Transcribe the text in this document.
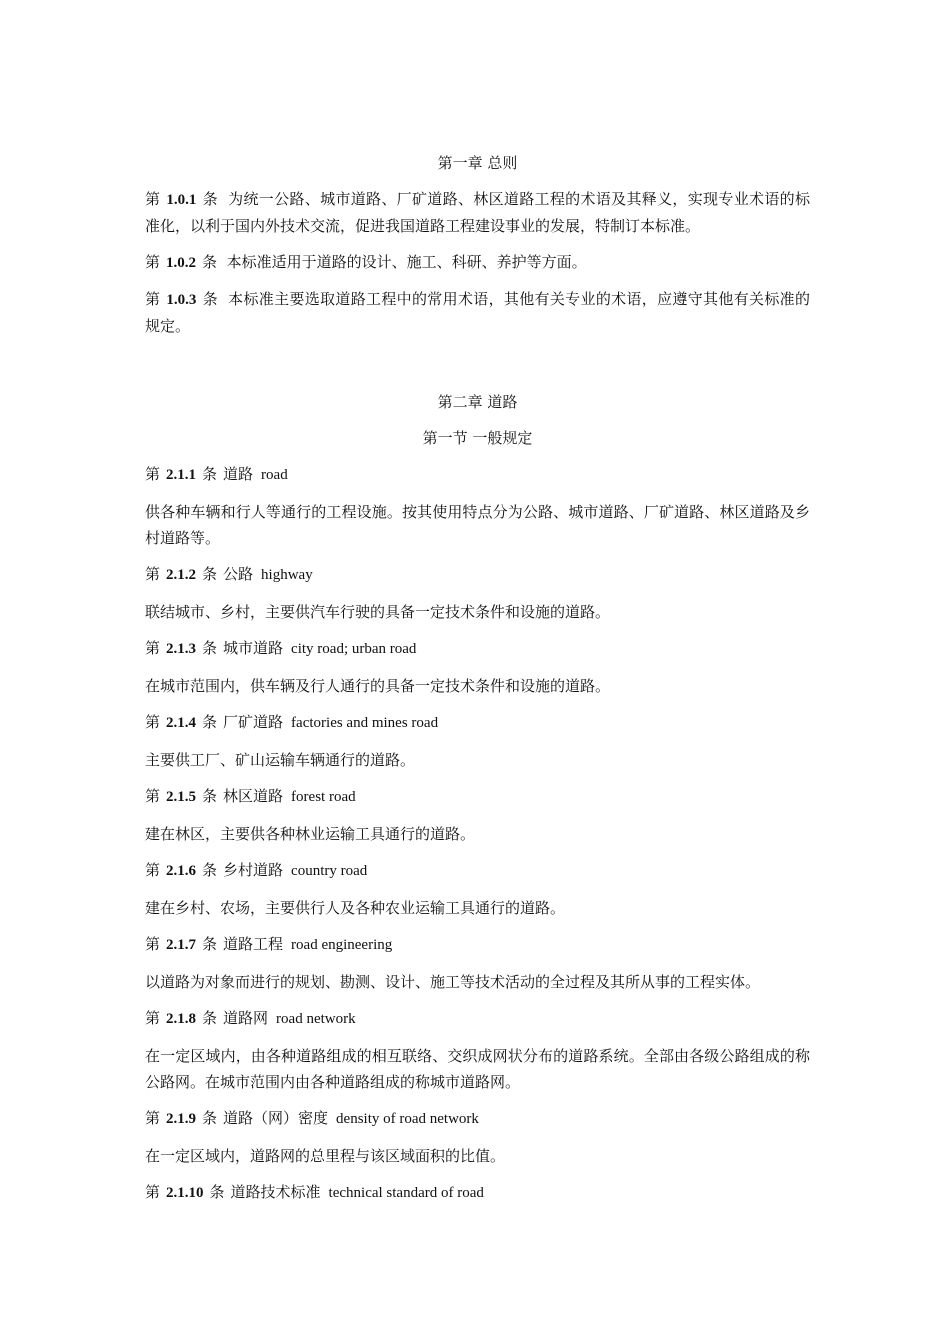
第一章 总则

第 1.0.1 条 为统一公路、城市道路、厂矿道路、林区道路工程的术语及其释义，实现专业术语的标准化，以利于国内外技术交流，促进我国道路工程建设事业的发展，特制订本标准。

第 1.0.2 条 本标准适用于道路的设计、施工、科研、养护等方面。

第 1.0.3 条 本标准主要选取道路工程中的常用术语，其他有关专业的术语，应遵守其他有关标准的规定。

第二章 道路
第一节 一般规定
第 2.1.1 条 道路 road

供各种车辆和行人等通行的工程设施。按其使用特点分为公路、城市道路、厂矿道路、林区道路及乡村道路等。

第 2.1.2 条 公路 highway

联结城市、乡村，主要供汽车行驶的具备一定技术条件和设施的道路。

第 2.1.3 条 城市道路 city road; urban road

在城市范围内，供车辆及行人通行的具备一定技术条件和设施的道路。

第 2.1.4 条 厂矿道路 factories and mines road

主要供工厂、矿山运输车辆通行的道路。

第 2.1.5 条 林区道路 forest road

建在林区，主要供各种林业运输工具通行的道路。

第 2.1.6 条 乡村道路 country road

建在乡村、农场，主要供行人及各种农业运输工具通行的道路。

第 2.1.7 条 道路工程 road engineering

以道路为对象而进行的规划、勘测、设计、施工等技术活动的全过程及其所从事的工程实体。

第 2.1.8 条 道路网 road network

在一定区域内，由各种道路组成的相互联络、交织成网状分布的道路系统。全部由各级公路组成的称公路网。在城市范围内由各种道路组成的称城市道路网。

第 2.1.9 条 道路（网）密度 density of road network

在一定区域内，道路网的总里程与该区域面积的比值。

第 2.1.10 条 道路技术标准 technical standard of road
